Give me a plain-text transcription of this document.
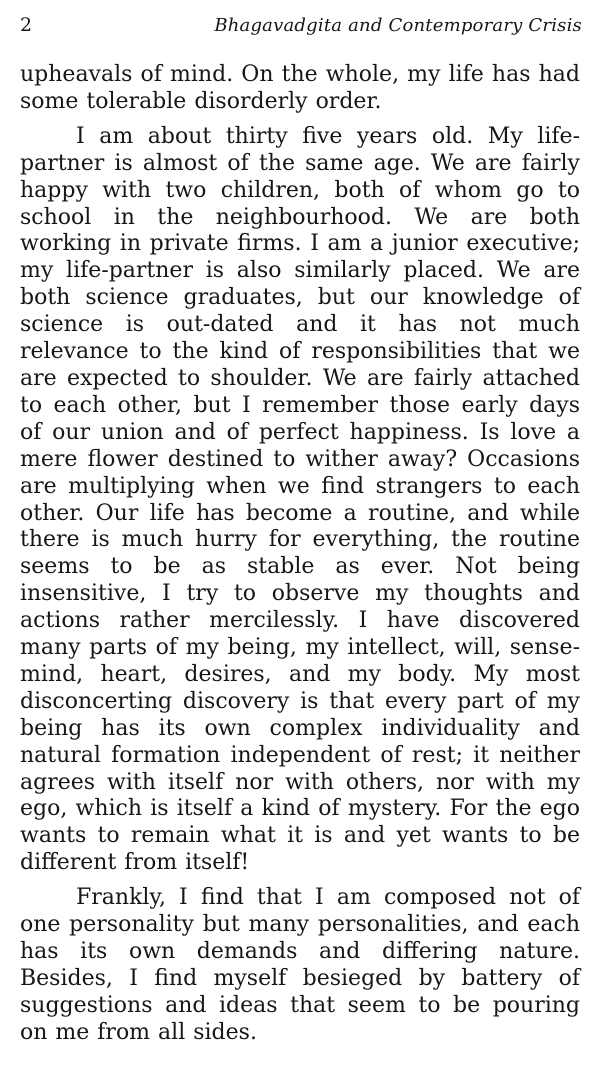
2	Bhagavadgita and Contemporary Crisis

upheavals of mind. On the whole, my life has had some tolerable disorderly order.

I am about thirty five years old. My life-partner is almost of the same age. We are fairly happy with two children, both of whom go to school in the neighbourhood. We are both working in private firms. I am a junior executive; my life-partner is also similarly placed. We are both science graduates, but our knowledge of science is out-dated and it has not much relevance to the kind of responsibilities that we are expected to shoulder. We are fairly attached to each other, but I remember those early days of our union and of perfect happiness. Is love a mere flower destined to wither away? Occasions are multiplying when we find strangers to each other. Our life has become a routine, and while there is much hurry for everything, the routine seems to be as stable as ever. Not being insensitive, I try to observe my thoughts and actions rather mercilessly. I have discovered many parts of my being, my intellect, will, sense-mind, heart, desires, and my body. My most disconcerting discovery is that every part of my being has its own complex individuality and natural formation independent of rest; it neither agrees with itself nor with others, nor with my ego, which is itself a kind of mystery. For the ego wants to remain what it is and yet wants to be different from itself!

Frankly, I find that I am composed not of one personality but many personalities, and each has its own demands and differing nature. Besides, I find myself besieged by battery of suggestions and ideas that seem to be pouring on me from all sides.
